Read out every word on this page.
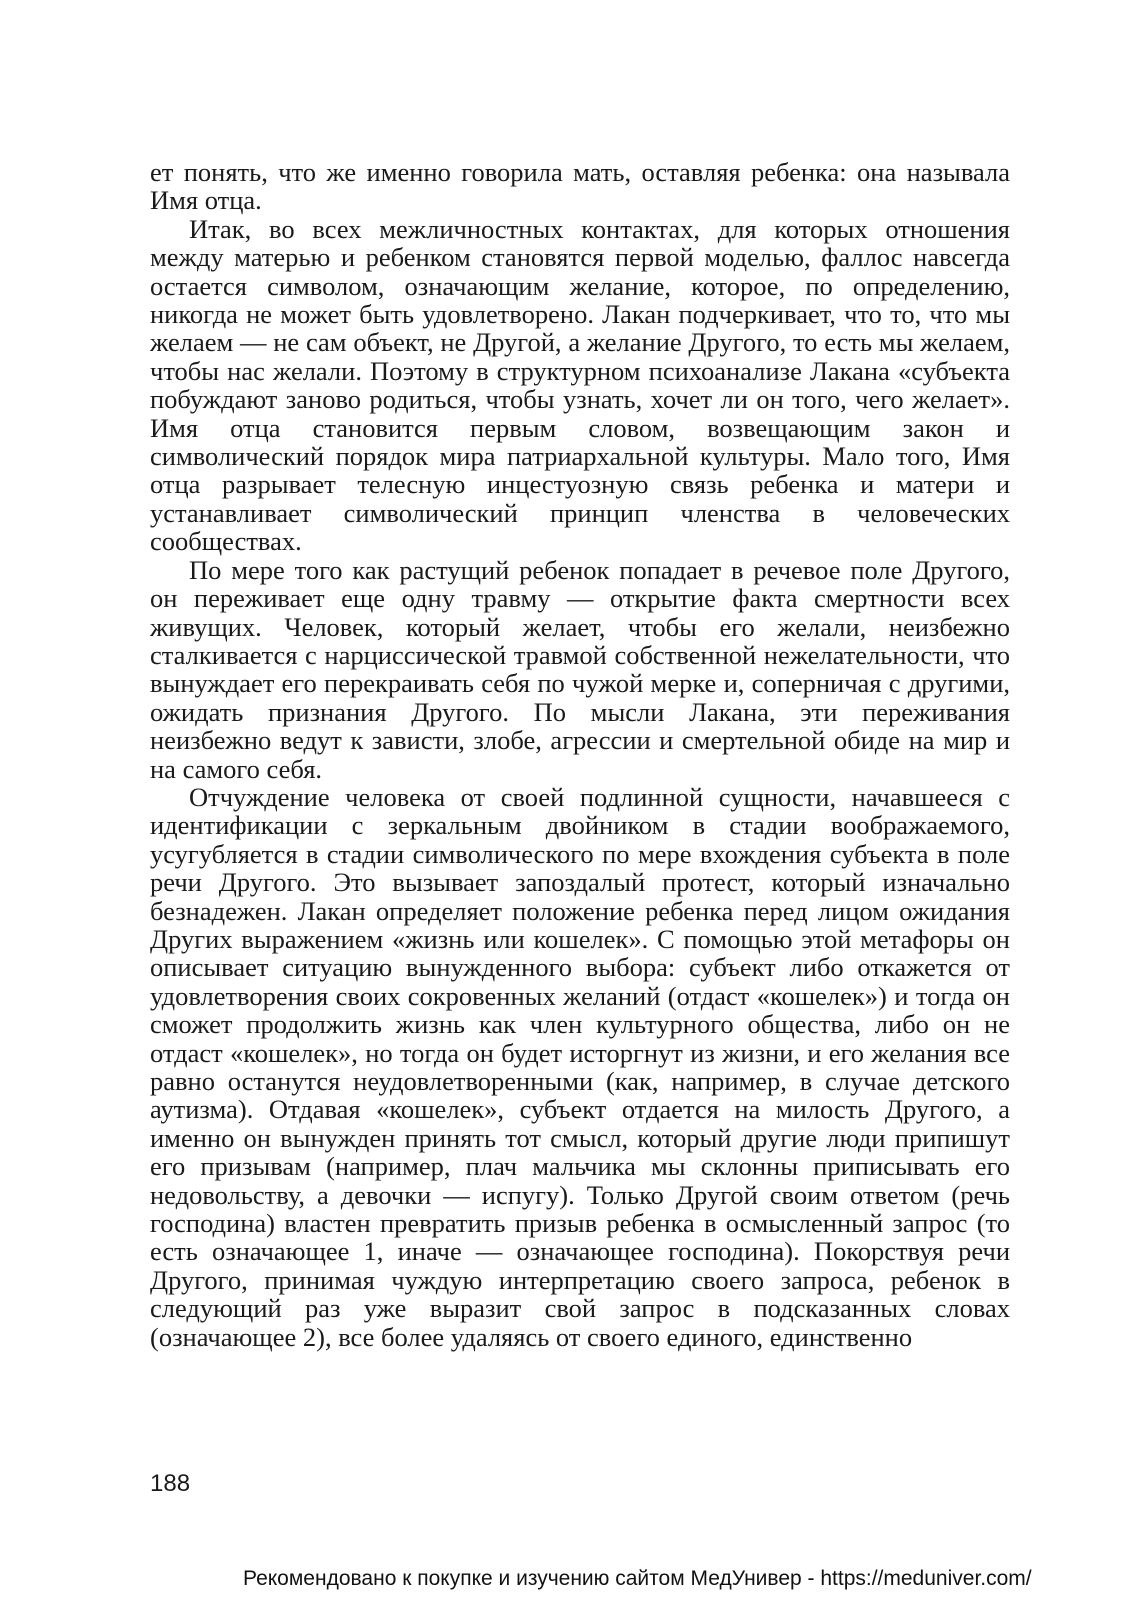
ет понять, что же именно говорила мать, оставляя ребенка: она называла Имя отца.

Итак, во всех межличностных контактах, для которых отношения между матерью и ребенком становятся первой моделью, фаллос навсегда остается символом, означающим желание, которое, по определению, никогда не может быть удовлетворено. Лакан подчеркивает, что то, что мы желаем — не сам объект, не Другой, а желание Другого, то есть мы желаем, чтобы нас желали. Поэтому в структурном психоанализе Лакана «субъекта побуждают заново родиться, чтобы узнать, хочет ли он того, чего желает». Имя отца становится первым словом, возвещающим закон и символический порядок мира патриархальной культуры. Мало того, Имя отца разрывает телесную инцестуозную связь ребенка и матери и устанавливает символический принцип членства в человеческих сообществах.

По мере того как растущий ребенок попадает в речевое поле Другого, он переживает еще одну травму — открытие факта смертности всех живущих. Человек, который желает, чтобы его желали, неизбежно сталкивается с нарциссической травмой собственной нежелательности, что вынуждает его перекраивать себя по чужой мерке и, соперничая с другими, ожидать признания Другого. По мысли Лакана, эти переживания неизбежно ведут к зависти, злобе, агрессии и смертельной обиде на мир и на самого себя.

Отчуждение человека от своей подлинной сущности, начавшееся с идентификации с зеркальным двойником в стадии воображаемого, усугубляется в стадии символического по мере вхождения субъекта в поле речи Другого. Это вызывает запоздалый протест, который изначально безнадежен. Лакан определяет положение ребенка перед лицом ожидания Других выражением «жизнь или кошелек». С помощью этой метафоры он описывает ситуацию вынужденного выбора: субъект либо откажется от удовлетворения своих сокровенных желаний (отдаст «кошелек») и тогда он сможет продолжить жизнь как член культурного общества, либо он не отдаст «кошелек», но тогда он будет исторгнут из жизни, и его желания все равно останутся неудовлетворенными (как, например, в случае детского аутизма). Отдавая «кошелек», субъект отдается на милость Другого, а именно он вынужден принять тот смысл, который другие люди припишут его призывам (например, плач мальчика мы склонны приписывать его недовольству, а девочки — испугу). Только Другой своим ответом (речь господина) властен превратить призыв ребенка в осмысленный запрос (то есть означающее 1, иначе — означающее господина). Покорствуя речи Другого, принимая чуждую интерпретацию своего запроса, ребенок в следующий раз уже выразит свой запрос в подсказанных словах (означающее 2), все более удаляясь от своего единого, единственно

188
Рекомендовано к покупке и изучению сайтом МедУнивер - https://meduniver.com/
